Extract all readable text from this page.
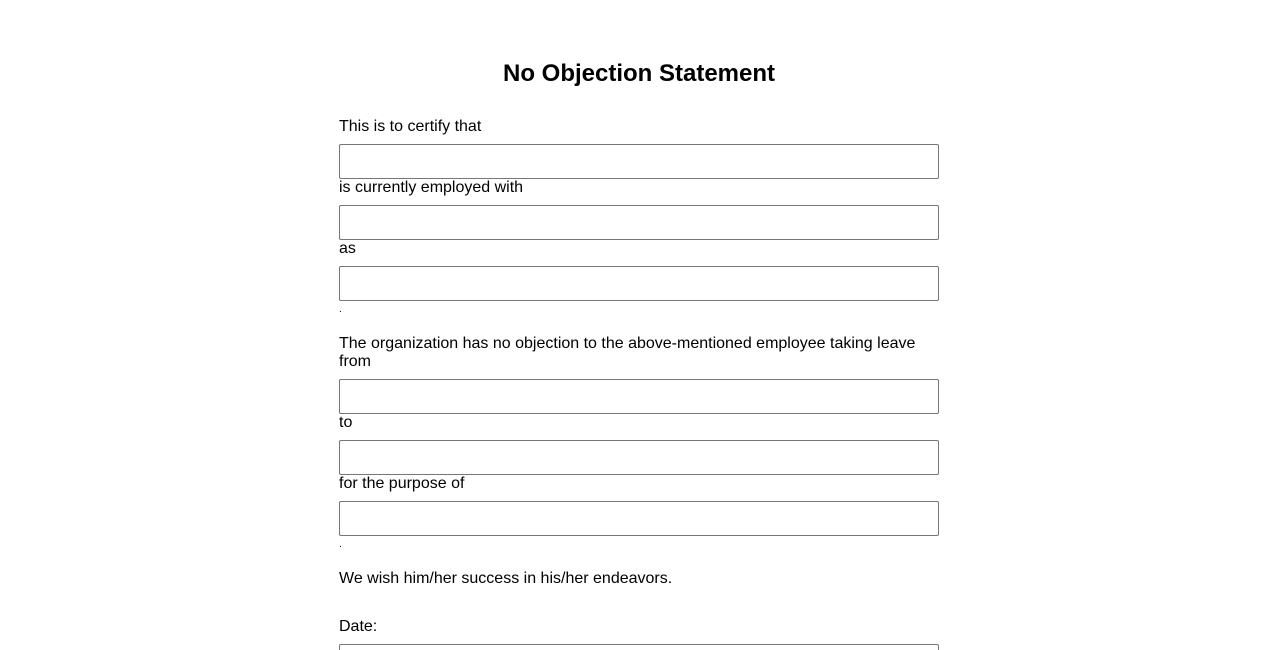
No Objection Statement
This is to certify that
is currently employed with
as
.
The organization has no objection to the above-mentioned employee taking leave from
to
for the purpose of
.
We wish him/her success in his/her endeavors.
Date:
